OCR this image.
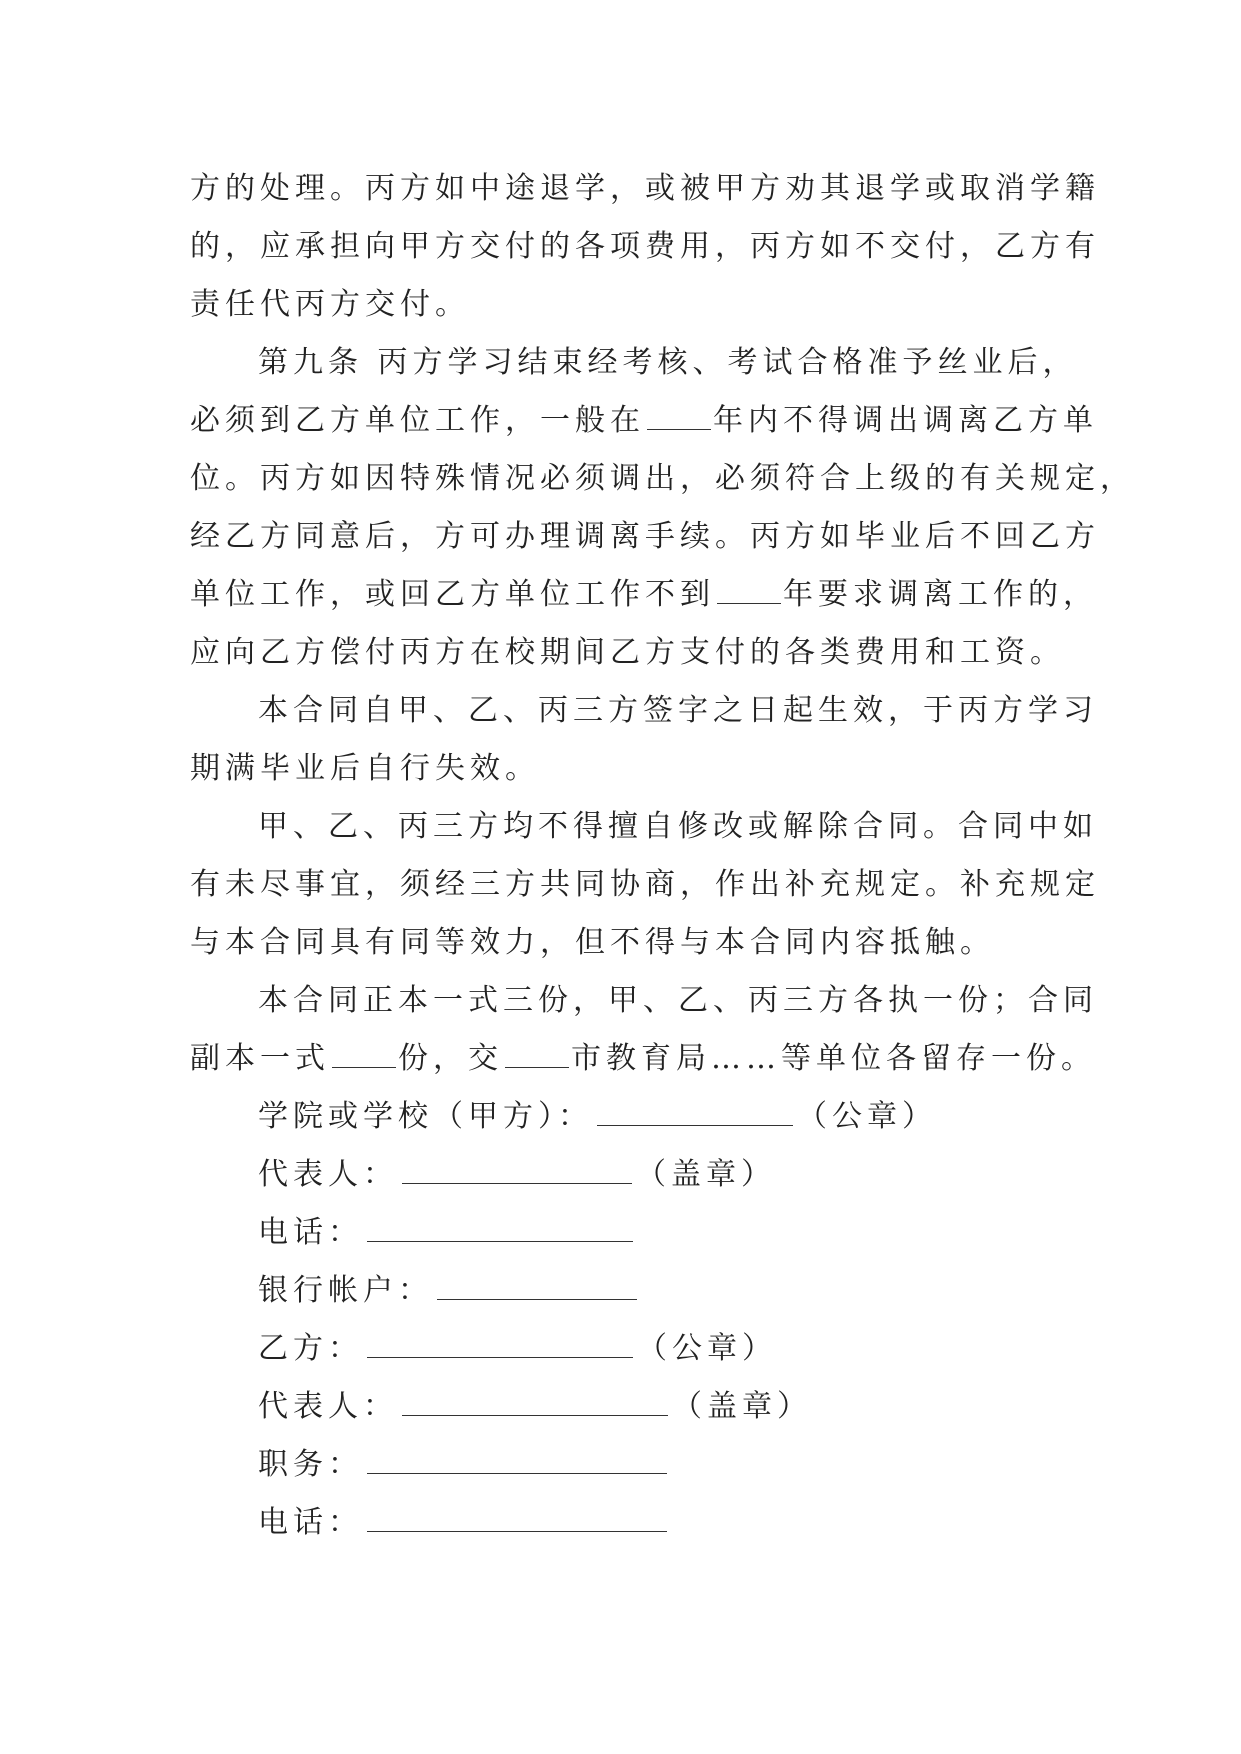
方的处理。丙方如中途退学，或被甲方劝其退学或取消学籍
的，应承担向甲方交付的各项费用，丙方如不交付，乙方有
责任代丙方交付。
第九条 丙方学习结束经考核、考试合格准予丝业后，
必须到乙方单位工作，一般在 年内不得调出调离乙方单
位。丙方如因特殊情况必须调出，必须符合上级的有关规定，
经乙方同意后，方可办理调离手续。丙方如毕业后不回乙方
单位工作，或回乙方单位工作不到 年要求调离工作的，
应向乙方偿付丙方在校期间乙方支付的各类费用和工资。
本合同自甲、乙、丙三方签字之日起生效，于丙方学习
期满毕业后自行失效。
甲、乙、丙三方均不得擅自修改或解除合同。合同中如
有未尽事宜，须经三方共同协商，作出补充规定。补充规定
与本合同具有同等效力，但不得与本合同内容抵触。
本合同正本一式三份，甲、乙、丙三方各执一份；合同
副本一式 份，交 市教育局……等单位各留存一份。
学院或学校（甲方）：	（公章）
代表人：	（盖章）
电话：
银行帐户：
乙方：	（公章）
代表人：	（盖章）
职务：
电话：
